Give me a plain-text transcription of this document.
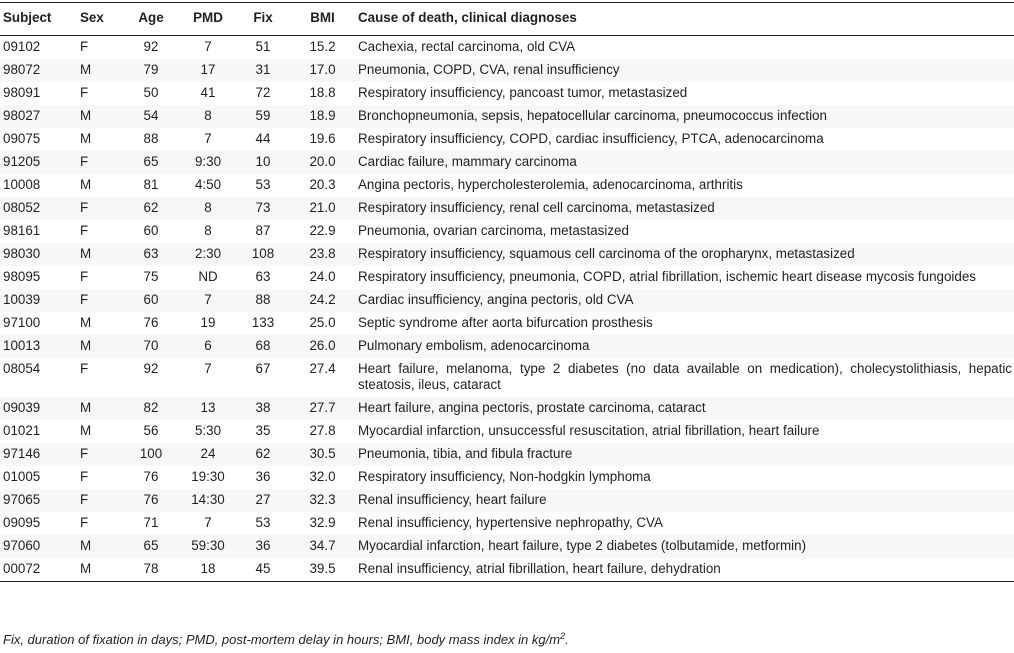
Subject	Sex	Age	PMD	Fix	BMI	Cause of death, clinical diagnoses
09102	F	92	7	51	15.2	Cachexia, rectal carcinoma, old CVA
98072	M	79	17	31	17.0	Pneumonia, COPD, CVA, renal insufficiency
98091	F	50	41	72	18.8	Respiratory insufficiency, pancoast tumor, metastasized
98027	M	54	8	59	18.9	Bronchopneumonia, sepsis, hepatocellular carcinoma, pneumococcus infection
09075	M	88	7	44	19.6	Respiratory insufficiency, COPD, cardiac insufficiency, PTCA, adenocarcinoma
91205	F	65	9:30	10	20.0	Cardiac failure, mammary carcinoma
10008	M	81	4:50	53	20.3	Angina pectoris, hypercholesterolemia, adenocarcinoma, arthritis
08052	F	62	8	73	21.0	Respiratory insufficiency, renal cell carcinoma, metastasized
98161	F	60	8	87	22.9	Pneumonia, ovarian carcinoma, metastasized
98030	M	63	2:30	108	23.8	Respiratory insufficiency, squamous cell carcinoma of the oropharynx, metastasized
98095	F	75	ND	63	24.0	Respiratory insufficiency, pneumonia, COPD, atrial fibrillation, ischemic heart disease mycosis fungoides
10039	F	60	7	88	24.2	Cardiac insufficiency, angina pectoris, old CVA
97100	M	76	19	133	25.0	Septic syndrome after aorta bifurcation prosthesis
10013	M	70	6	68	26.0	Pulmonary embolism, adenocarcinoma
08054	F	92	7	67	27.4	Heart failure, melanoma, type 2 diabetes (no data available on medication), cholecystolithiasis, hepatic steatosis, ileus, cataract
09039	M	82	13	38	27.7	Heart failure, angina pectoris, prostate carcinoma, cataract
01021	M	56	5:30	35	27.8	Myocardial infarction, unsuccessful resuscitation, atrial fibrillation, heart failure
97146	F	100	24	62	30.5	Pneumonia, tibia, and fibula fracture
01005	F	76	19:30	36	32.0	Respiratory insufficiency, Non-hodgkin lymphoma
97065	F	76	14:30	27	32.3	Renal insufficiency, heart failure
09095	F	71	7	53	32.9	Renal insufficiency, hypertensive nephropathy, CVA
97060	M	65	59:30	36	34.7	Myocardial infarction, heart failure, type 2 diabetes (tolbutamide, metformin)
00072	M	78	18	45	39.5	Renal insufficiency, atrial fibrillation, heart failure, dehydration
Fix, duration of fixation in days; PMD, post-mortem delay in hours; BMI, body mass index in $kg/m^2$.
